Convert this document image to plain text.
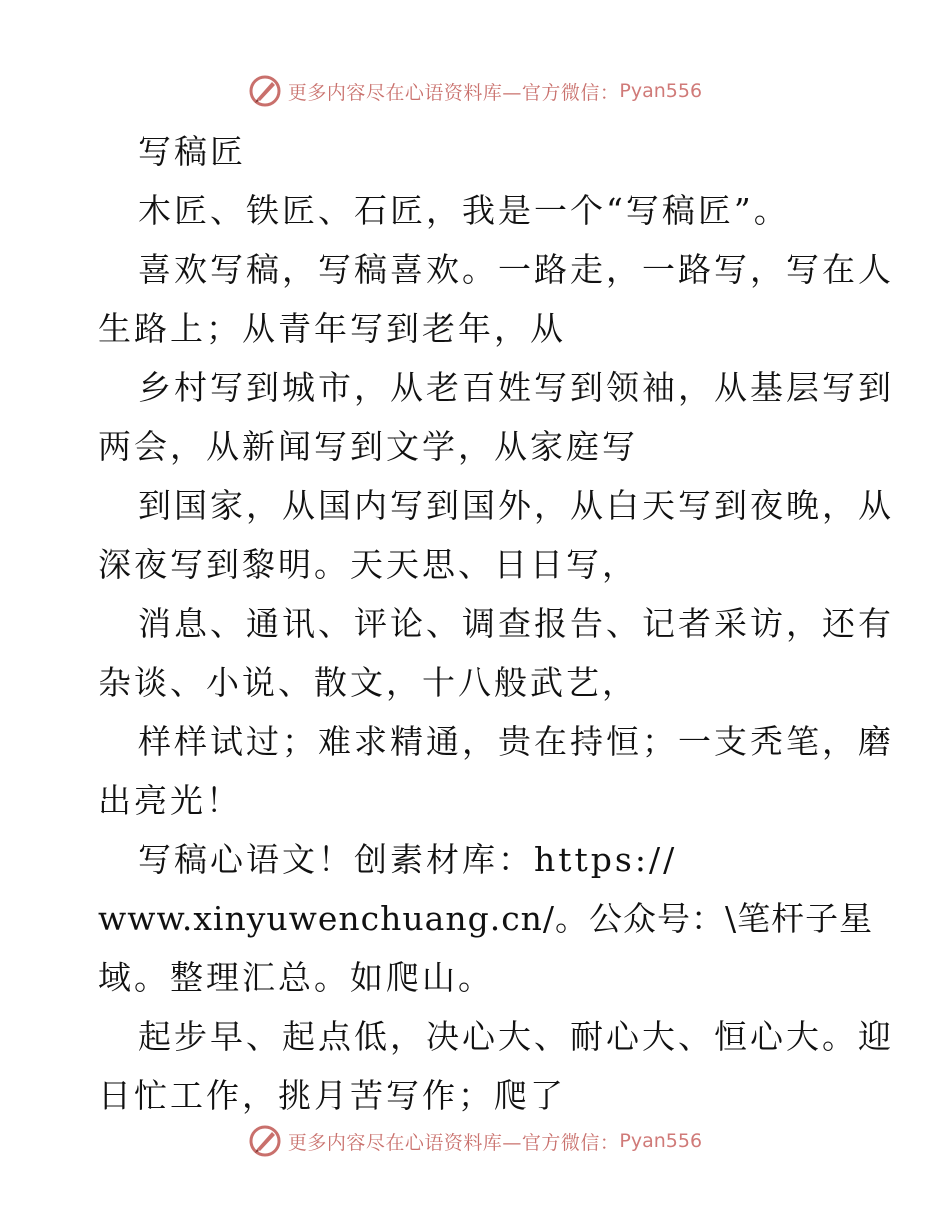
更多内容尽在心语资料库—官方微信： Pyan556

写稿匠

木匠、铁匠、石匠，我是一个“写稿匠”。

喜欢写稿，写稿喜欢。一路走，一路写，写在人

生路上；从青年写到老年，从

乡村写到城市，从老百姓写到领袖，从基层写到

两会，从新闻写到文学，从家庭写

到国家，从国内写到国外，从白天写到夜晚，从

深夜写到黎明。天天思、日日写，

消息、通讯、评论、调查报告、记者采访，还有

杂谈、小说、散文，十八般武艺，

样样试过；难求精通，贵在持恒；一支秃笔，磨

出亮光！

写稿心语文！创素材库：https://

www.xinyuwenchuang.cn/。公众号：\笔杆子星

域。整理汇总。如爬山。

起步早、起点低，决心大、耐心大、恒心大。迎

日忙工作，挑月苦写作；爬了

更多内容尽在心语资料库—官方微信： Pyan556
